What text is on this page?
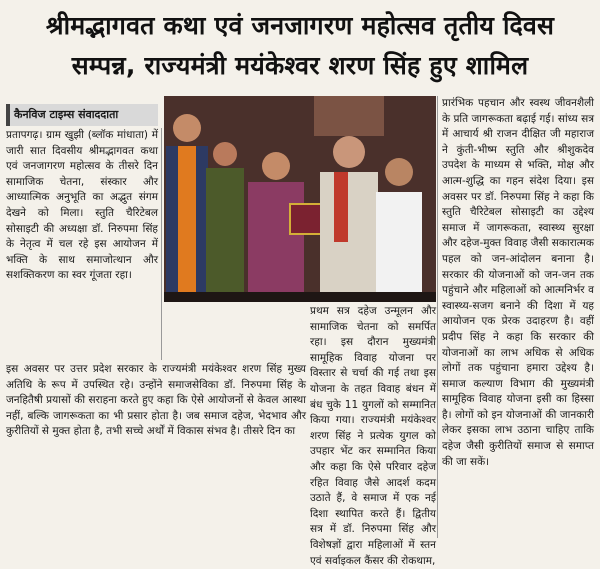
श्रीमद्भागवत कथा एवं जनजागरण महोत्सव तृतीय दिवस
सम्पन्न, राज्यमंत्री मयंकेश्वर शरण सिंह हुए शामिल
कैनविज टाइम्स संवाददाता

प्रतापगढ़। ग्राम खुझी (ब्लॉक मांधाता) में जारी सात दिवसीय श्रीमद्भागवत कथा एवं जनजागरण महोत्सव के तीसरे दिन सामाजिक चेतना, संस्कार और आध्यात्मिक अनुभूति का अद्भुत संगम देखने को मिला। स्तुति चैरिटेबल सोसाइटी की अध्यक्षा डॉ. निरुपमा सिंह के नेतृत्व में चल रहे इस आयोजन में भक्ति के साथ समाजोत्थान और सशक्तिकरण का स्वर गूंजता रहा।

इस अवसर पर उत्तर प्रदेश सरकार के राज्यमंत्री मयंकेश्वर शरण सिंह मुख्य अतिथि के रूप में उपस्थित रहे। उन्होंने समाजसेविका डॉ. निरुपमा सिंह के जनहितैषी प्रयासों की सराहना करते हुए कहा कि ऐसे आयोजनों से केवल आस्था नहीं, बल्कि जागरूकता का भी प्रसार होता है। जब समाज दहेज, भेदभाव और कुरीतियों से मुक्त होता है, तभी सच्चे अर्थों में विकास संभव है। तीसरे दिन का

प्रथम सत्र दहेज उन्मूलन और सामाजिक चेतना को समर्पित रहा। इस दौरान मुख्यमंत्री सामूहिक विवाह योजना पर विस्तार से चर्चा की गई तथा इस योजना के तहत विवाह बंधन में बंध चुके 11 युगलों को सम्मानित किया गया। राज्यमंत्री मयंकेश्वर शरण सिंह ने प्रत्येक युगल को उपहार भेंट कर सम्मानित किया और कहा कि ऐसे परिवार दहेज रहित विवाह जैसे आदर्श कदम उठाते हैं, वे समाज में एक नई दिशा स्थापित करते हैं। द्वितीय सत्र में डॉ. निरुपमा सिंह और विशेषज्ञों द्वारा महिलाओं में स्तन एवं सर्वाइकल कैंसर की रोकथाम,

प्रारंभिक पहचान और स्वस्थ जीवनशैली के प्रति जागरूकता बढ़ाई गई। सांध्य सत्र में आचार्य श्री राजन दीक्षित जी महाराज ने कुंती-भीष्म स्तुति और श्रीशुकदेव उपदेश के माध्यम से भक्ति, मोक्ष और आत्म-शुद्धि का गहन संदेश दिया। इस अवसर पर डॉ. निरुपमा सिंह ने कहा कि स्तुति चैरिटेबल सोसाइटी का उद्देश्य समाज में जागरूकता, स्वास्थ्य सुरक्षा और दहेज-मुक्त विवाह जैसी सकारात्मक पहल को जन-आंदोलन बनाना है। सरकार की योजनाओं को जन-जन तक पहुंचाने और महिलाओं को आत्मनिर्भर व स्वास्थ्य-सजग बनाने की दिशा में यह आयोजन एक प्रेरक उदाहरण है। वहीं प्रदीप सिंह ने कहा कि सरकार की योजनाओं का लाभ अधिक से अधिक लोगों तक पहुंचाना हमारा उद्देश्य है। समाज कल्याण विभाग की मुख्यमंत्री सामूहिक विवाह योजना इसी का हिस्सा है। लोगों को इन योजनाओं की जानकारी लेकर इसका लाभ उठाना चाहिए ताकि दहेज जैसी कुरीतियों समाज से समाप्त की जा सकें।
